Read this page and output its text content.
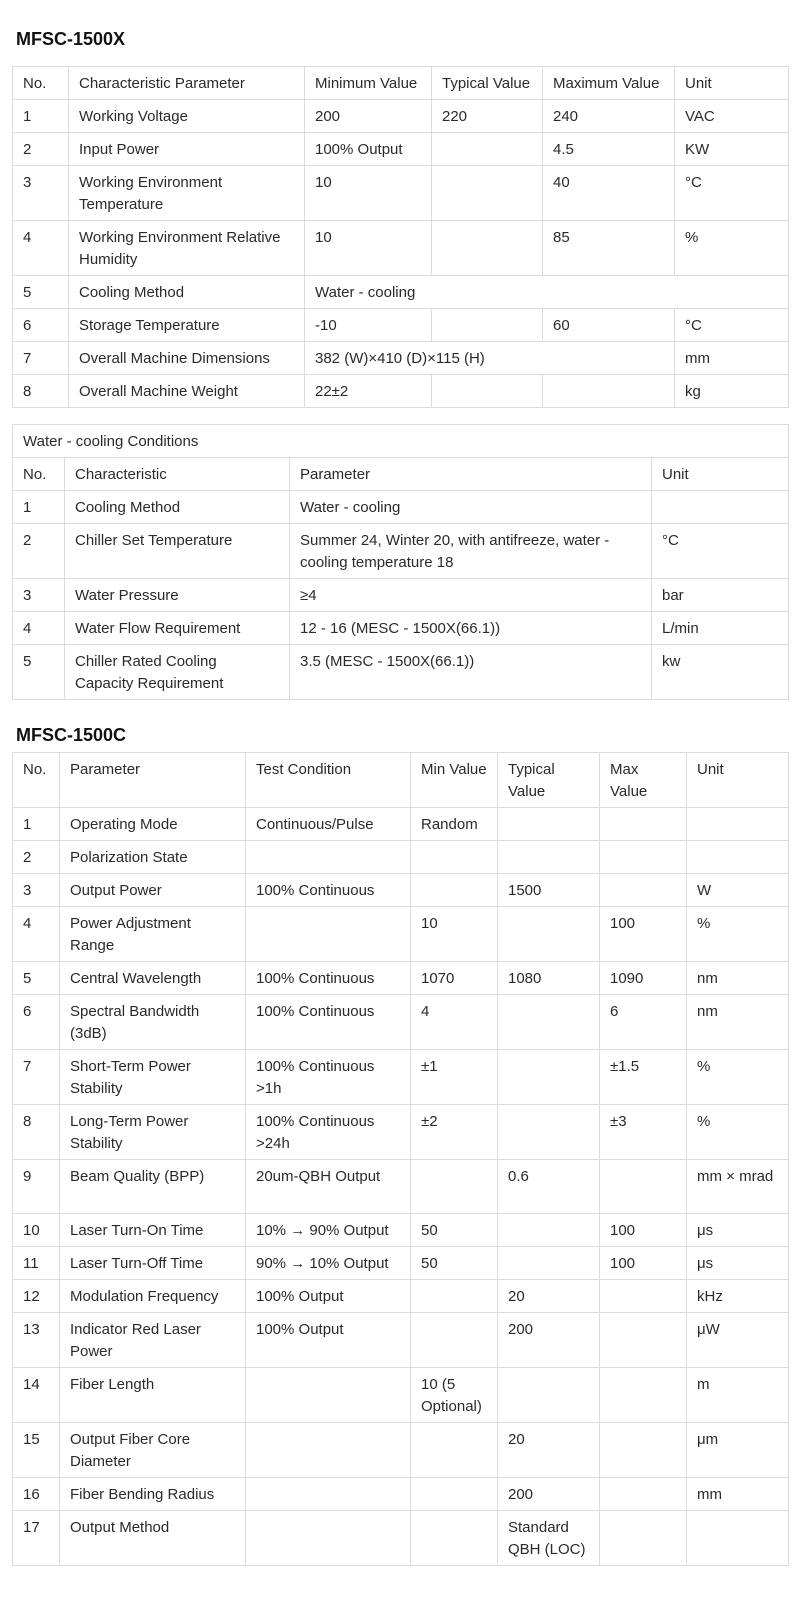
MFSC-1500X
No.	Characteristic Parameter	Minimum Value	Typical Value	Maximum Value	Unit
1	Working Voltage	200	220	240	VAC
2	Input Power	100% Output		4.5	KW
3	Working Environment Temperature	10		40	°C
4	Working Environment Relative Humidity	10		85	%
5	Cooling Method	Water - cooling			
6	Storage Temperature	-10		60	°C
7	Overall Machine Dimensions	382 (W)×410 (D)×115 (H)			mm
8	Overall Machine Weight	22±2			kg
Water - cooling Conditions			
No.	Characteristic	Parameter	Unit
1	Cooling Method	Water - cooling	
2	Chiller Set Temperature	Summer 24, Winter 20, with antifreeze, water - cooling temperature 18	°C
3	Water Pressure	≥4	bar
4	Water Flow Requirement	12 - 16 (MESC - 1500X(66.1))	L/min
5	Chiller Rated Cooling Capacity Requirement	3.5 (MESC - 1500X(66.1))	kw
MFSC-1500C
No.	Parameter	Test Condition	Min Value	Typical Value	Max Value	Unit
1	Operating Mode	Continuous/Pulse	Random			
2	Polarization State					
3	Output Power	100% Continuous		1500		W
4	Power Adjustment Range		10		100	%
5	Central Wavelength	100% Continuous	1070	1080	1090	nm
6	Spectral Bandwidth (3dB)	100% Continuous	4		6	nm
7	Short-Term Power Stability	100% Continuous >1h	±1		±1.5	%
8	Long-Term Power Stability	100% Continuous >24h	±2		±3	%
9	Beam Quality (BPP)	20um-QBH Output		0.6		mm × mrad
10	Laser Turn-On Time	10% → 90% Output	50		100	μs
11	Laser Turn-Off Time	90% → 10% Output	50		100	μs
12	Modulation Frequency	100% Output		20		kHz
13	Indicator Red Laser Power	100% Output		200		μW
14	Fiber Length		10 (5 Optional)			m
15	Output Fiber Core Diameter			20		μm
16	Fiber Bending Radius			200		mm
17	Output Method			Standard QBH (LOC)		
